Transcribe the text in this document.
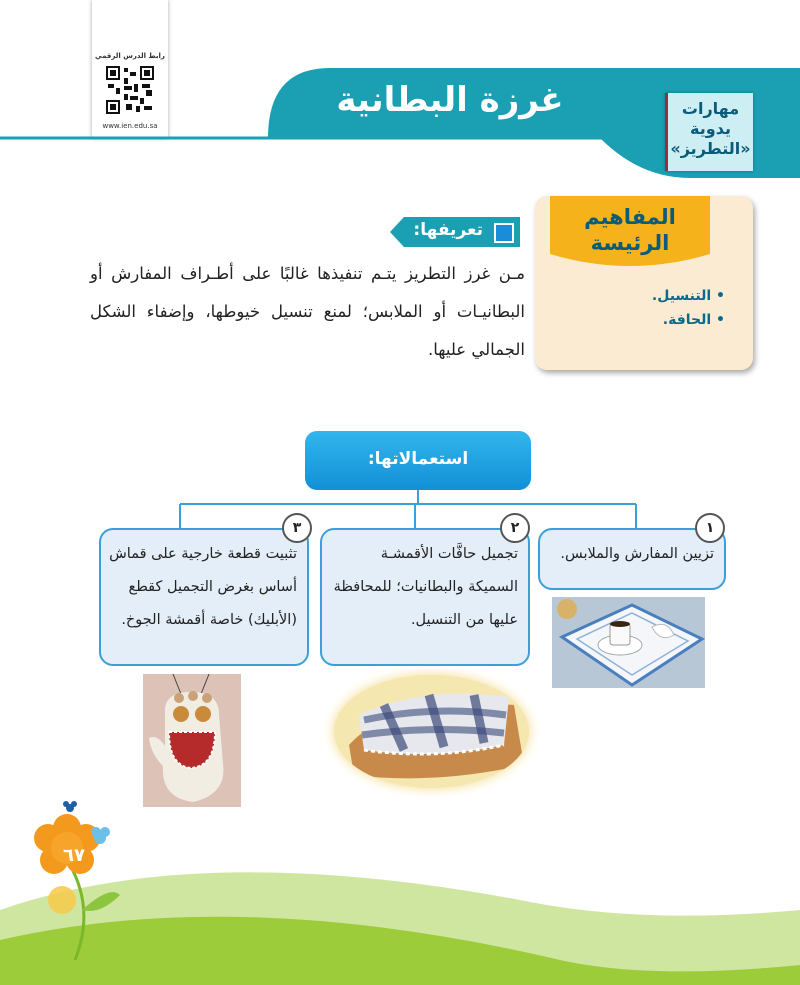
رابط الدرس الرقمي
www.ien.edu.sa
غرزة البطانية	مهارات
يدوية
«التطريز»
المفاهيم
الرئيسة
• التنسيل.
• الحافة.
تعريفها:
مـن غرز التطريز يتـم تنفيذها غالبًا على أطـراف المفارش أو البطانيـات أو الملابس؛ لمنع تنسيل خيوطها، وإضفاء الشكل الجمالي عليها.
استعمالاتها:
تزيين المفارش والملابس.
١
تجميل حافَّات الأقمشـة السميكة والبطانيات؛ للمحافظة عليها من التنسيل.
٢
تثبيت قطعة خارجية على قماش أساس بغرض التجميل كقطع (الأبليك) خاصة أقمشة الجوخ.
٣
٦٧
